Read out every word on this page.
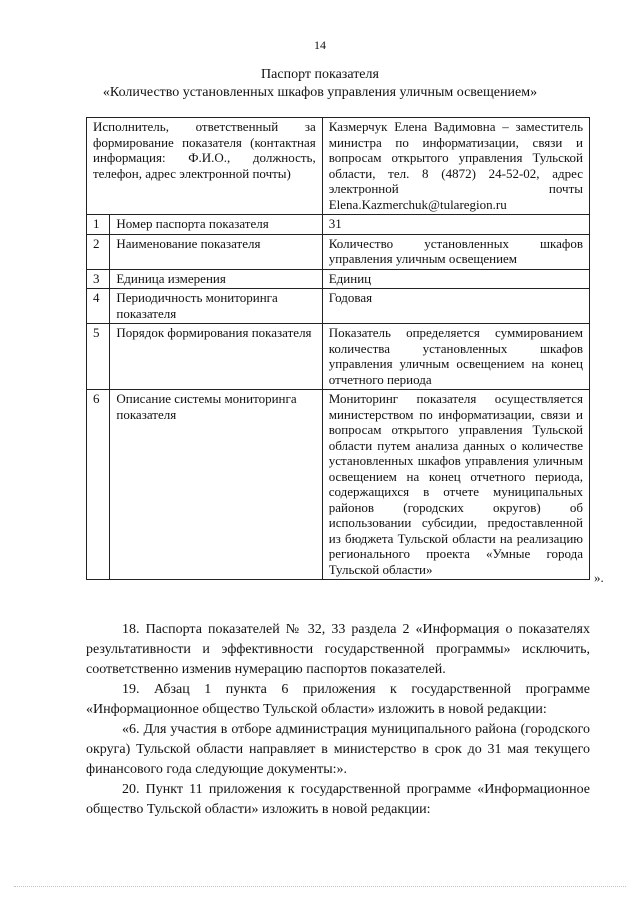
14
Паспорт показателя
«Количество установленных шкафов управления уличным освещением»
Исполнитель, ответственный за формирование показателя (контактная информация: Ф.И.О., должность, телефон, адрес электронной почты)		Казмерчук Елена Вадимовна – заместитель министра по информатизации, связи и вопросам открытого управления Тульской области, тел. 8 (4872) 24-52-02, адрес электронной почты Elena.Kazmerchuk@tularegion.ru
1	Номер паспорта показателя	31
2	Наименование показателя	Количество установленных шкафов управления уличным освещением
3	Единица измерения	Единиц
4	Периодичность мониторинга показателя	Годовая
5	Порядок формирования показателя	Показатель определяется суммированием количества установленных шкафов управления уличным освещением на конец отчетного периода
6	Описание системы мониторинга показателя	Мониторинг показателя осуществляется министерством по информатизации, связи и вопросам открытого управления Тульской области путем анализа данных о количестве установленных шкафов управления уличным освещением на конец отчетного периода, содержащихся в отчете муниципальных районов (городских округов) об использовании субсидии, предоставленной из бюджета Тульской области на реализацию регионального проекта «Умные города Тульской области»
».

18. Паспорта показателей № 32, 33 раздела 2 «Информация о показателях результативности и эффективности государственной программы» исключить, соответственно изменив нумерацию паспортов показателей.

19. Абзац 1 пункта 6 приложения к государственной программе «Информационное общество Тульской области» изложить в новой редакции:

«6. Для участия в отборе администрация муниципального района (городского округа) Тульской области направляет в министерство в срок до 31 мая текущего финансового года следующие документы:».

20. Пункт 11 приложения к государственной программе «Информационное общество Тульской области» изложить в новой редакции:
